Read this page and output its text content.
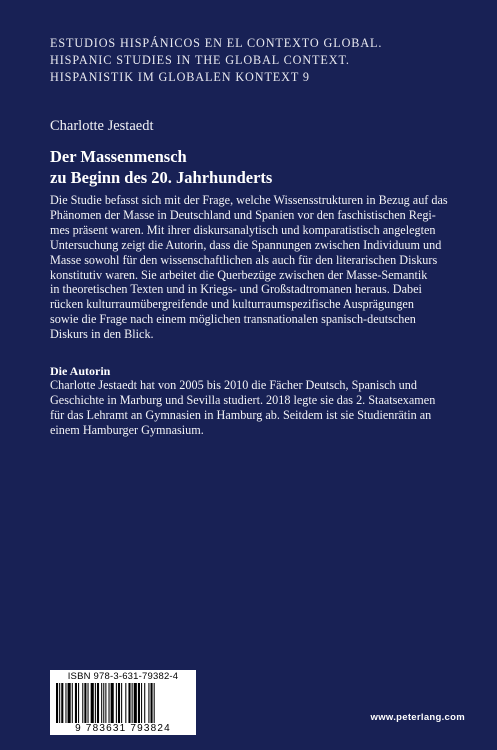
ESTUDIOS HISPÁNICOS EN EL CONTEXTO GLOBAL.
HISPANIC STUDIES IN THE GLOBAL CONTEXT.
HISPANISTIK IM GLOBALEN KONTEXT 9
Charlotte Jestaedt
Der Massenmensch
zu Beginn des 20. Jahrhunderts
Die Studie befasst sich mit der Frage, welche Wissensstrukturen in Bezug auf das
Phänomen der Masse in Deutschland und Spanien vor den faschistischen Regi-
mes präsent waren. Mit ihrer diskursanalytisch und komparatistisch angelegten
Untersuchung zeigt die Autorin, dass die Spannungen zwischen Individuum und
Masse sowohl für den wissenschaftlichen als auch für den literarischen Diskurs
konstitutiv waren. Sie arbeitet die Querbezüge zwischen der Masse-Semantik
in theoretischen Texten und in Kriegs- und Großstadtromanen heraus. Dabei
rücken kulturraumübergreifende und kulturraumspezifische Ausprägungen
sowie die Frage nach einem möglichen transnationalen spanisch-deutschen
Diskurs in den Blick.
Die Autorin
Charlotte Jestaedt hat von 2005 bis 2010 die Fächer Deutsch, Spanisch und
Geschichte in Marburg und Sevilla studiert. 2018 legte sie das 2. Staatsexamen
für das Lehramt an Gymnasien in Hamburg ab. Seitdem ist sie Studienrätin an
einem Hamburger Gymnasium.
ISBN 978-3-631-79382-4
9 783631 793824
www.peterlang.com
